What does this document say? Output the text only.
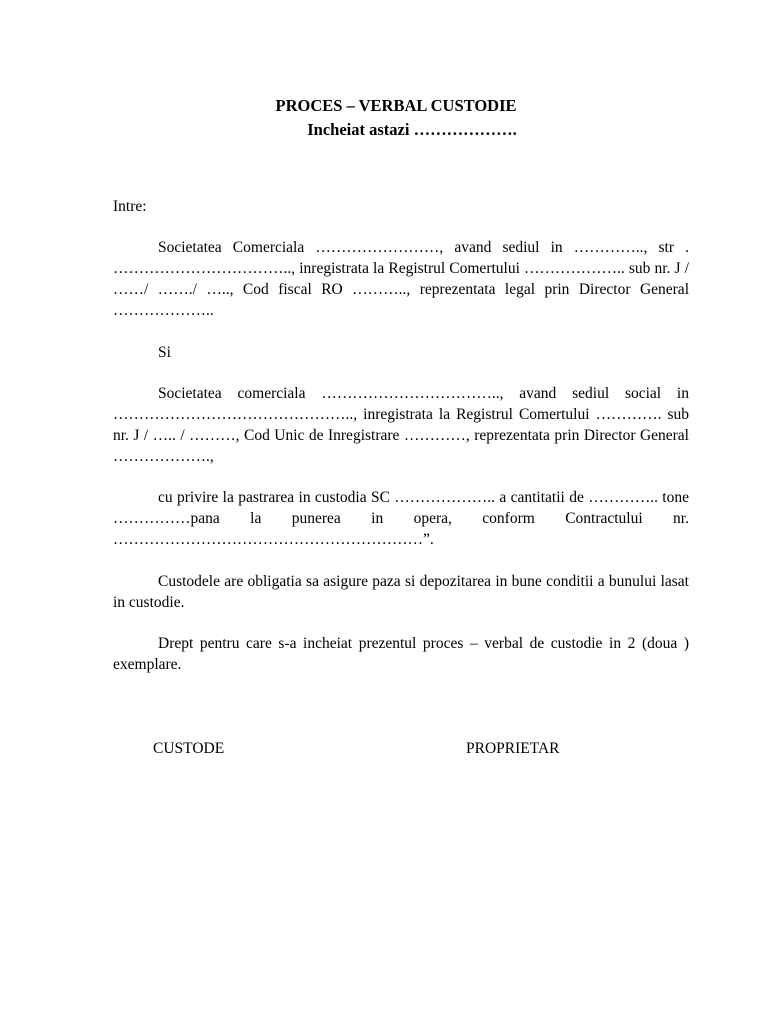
PROCES – VERBAL CUSTODIE

Incheiat astazi ……………….

Intre:

Societatea Comerciala ……………………, avand sediul in ………….., str . …………………………….., inregistrata la Registrul Comertului ……………….. sub nr. J / ……/ ……./ ….., Cod fiscal RO ……….., reprezentata legal prin Director General ………………..

Si

Societatea comerciala …………………………….., avand sediul social in ……………………………………….., inregistrata la Registrul Comertului …………. sub nr. J / ….. / ………, Cod Unic de Inregistrare …………, reprezentata prin Director General ……………….,

cu privire la pastrarea in custodia SC ……………….. a cantitatii de ………….. tone ……………pana la punerea in opera, conform Contractului nr. ……………………………………………………”.

Custodele are obligatia sa asigure paza si depozitarea in bune conditii a bunului lasat in custodie.

Drept pentru care s-a incheiat prezentul proces – verbal de custodie in 2 (doua ) exemplare.

CUSTODE	PROPRIETAR
